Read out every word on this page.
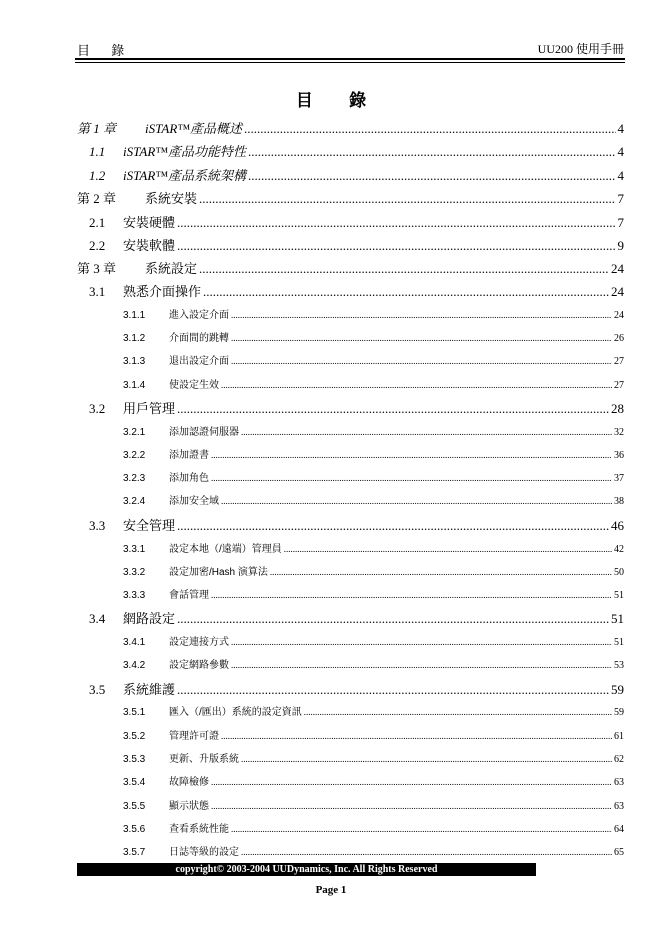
目 錄	UU200 使用手冊
目 錄
第 1 章	iSTAR™產品概述 .....	4
1.1	iSTAR™產品功能特性 .....	4
1.2	iSTAR™產品系統架構 .....	4
第 2 章	系統安裝 .....	7
2.1	安裝硬體 .....	7
2.2	安裝軟體 .....	9
第 3 章	系統設定 .....	24
3.1	熟悉介面操作 .....	24
3.1.1	進入設定介面 .....	24
3.1.2	介面間的跳轉 .....	26
3.1.3	退出設定介面 .....	27
3.1.4	使設定生效 .....	27
3.2	用戶管理 .....	28
3.2.1	添加認證伺服器 .....	32
3.2.2	添加證書 .....	36
3.2.3	添加角色 .....	37
3.2.4	添加安全域 .....	38
3.3	安全管理 .....	46
3.3.1	設定本地（/遠端）管理員 .....	42
3.3.2	設定加密/Hash 演算法 .....	50
3.3.3	會話管理 .....	51
3.4	網路設定 .....	51
3.4.1	設定連接方式 .....	51
3.4.2	設定網路參數 .....	53
3.5	系統維護 .....	59
3.5.1	匯入（/匯出）系統的設定資訊 .....	59
3.5.2	管理許可證 .....	61
3.5.3	更新、升版系統 .....	62
3.5.4	故障檢修 .....	63
3.5.5	顯示狀態 .....	63
3.5.6	查看系統性能 .....	64
3.5.7	日誌等級的設定 .....	65
copyright© 2003-2004 UUDynamics, Inc. All Rights Reserved
Page 1
